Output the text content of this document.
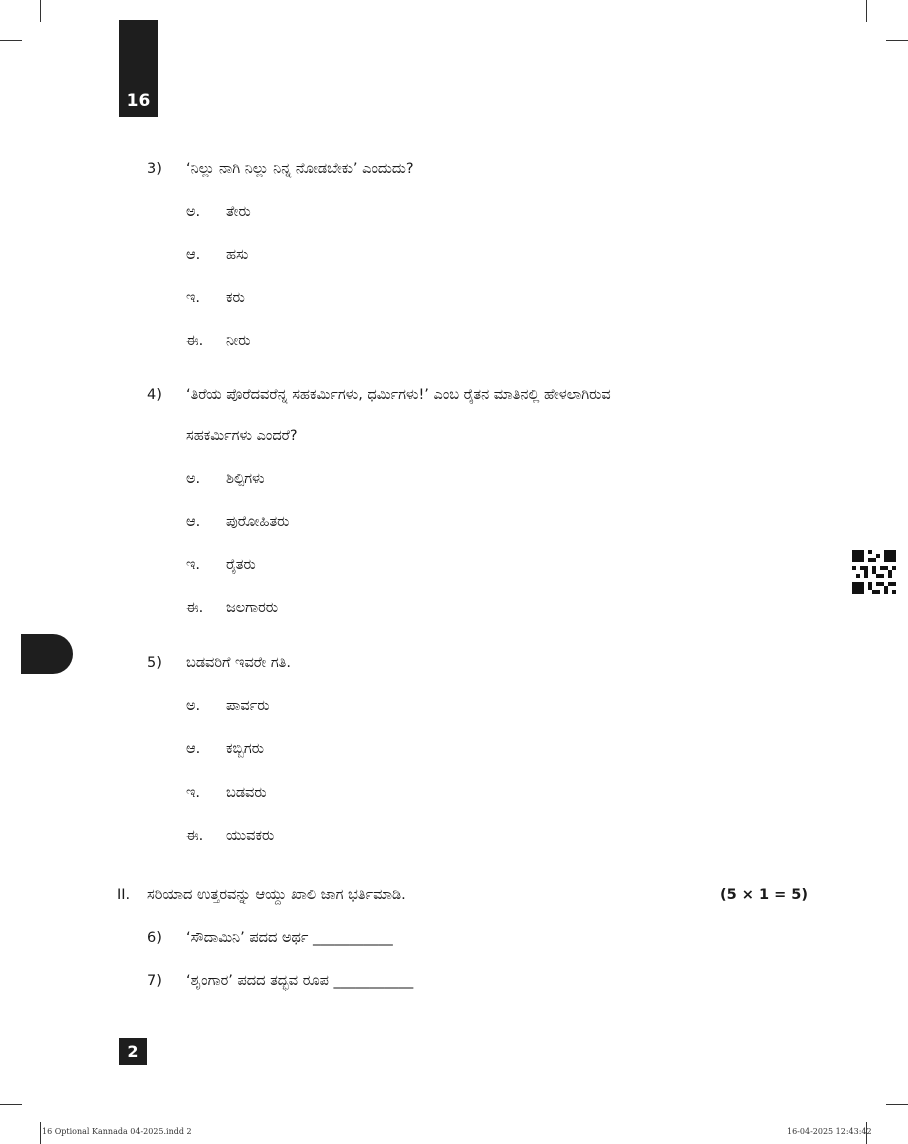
16
3) ‘ನಿಲ್ಲು ನಾಗಿ ನಿಲ್ಲು ನಿನ್ನ ನೋಡಬೇಕು’ ಎಂದುದು?
ಅ. ತೇರು
ಆ. ಹಸು
ಇ. ಕರು
ಈ. ನೀರು
4) ‘ತಿರೆಯ ಪೊರೆದವರೆನ್ನ ಸಹಕರ್ಮಿಗಳು, ಧರ್ಮಿಗಳು!’ ಎಂಬ ರೈತನ ಮಾತಿನಲ್ಲಿ ಹೇಳಲಾಗಿರುವ
ಸಹಕರ್ಮಿಗಳು ಎಂದರೆ?
ಅ. ಶಿಲ್ಪಿಗಳು
ಆ. ಪುರೋಹಿತರು
ಇ. ರೈತರು
ಈ. ಜಲಗಾರರು
5) ಬಡವರಿಗೆ ಇವರೇ ಗತಿ.
ಅ. ಪಾರ್ವರು
ಆ. ಕಬ್ಬಿಗರು
ಇ. ಬಡವರು
ಈ. ಯುವಕರು
II. ಸರಿಯಾದ ಉತ್ತರವನ್ನು ಆಯ್ದು ಖಾಲಿ ಜಾಗ ಭರ್ತಿಮಾಡಿ.	(5 × 1 = 5)
6) ‘ಸೌದಾಮಿನಿ’ ಪದದ ಅರ್ಥ ___________
7) ‘ಶೃಂಗಾರ’ ಪದದ ತದ್ಭವ ರೂಪ ___________
2
16 Optional Kannada 04-2025.indd 2	16-04-2025 12:43:42
